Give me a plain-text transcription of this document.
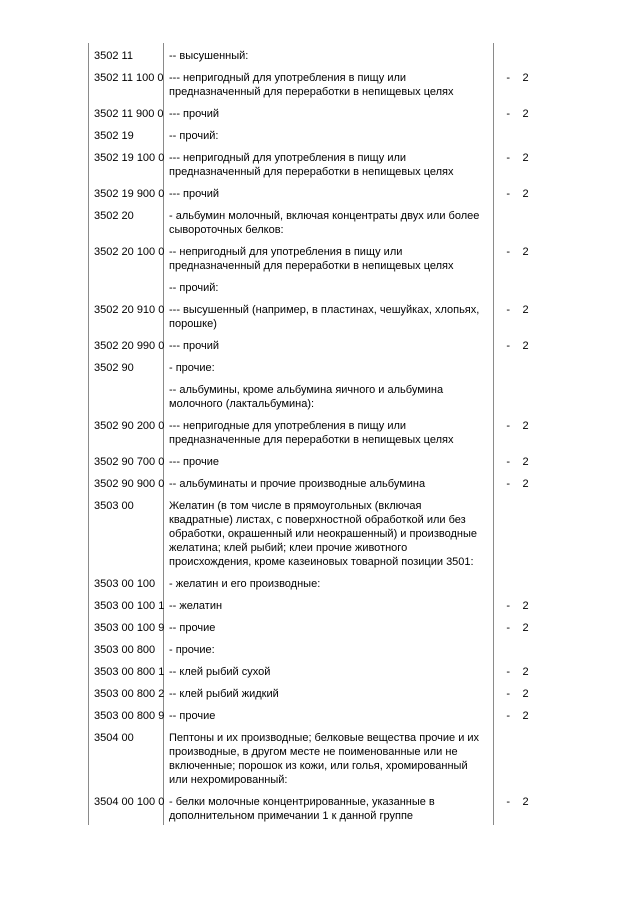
3502 11	-- высушенный:		
3502 11 100 0	--- непригодный для употребления в пищу или предназначенный для переработки в непищевых целях	-	2
3502 11 900 0	--- прочий	-	2
3502 19	-- прочий:		
3502 19 100 0	--- непригодный для употребления в пищу или предназначенный для переработки в непищевых целях	-	2
3502 19 900 0	--- прочий	-	2
3502 20	- альбумин молочный, включая концентраты двух или более сывороточных белков:		
3502 20 100 0	-- непригодный для употребления в пищу или предназначенный для переработки в непищевых целях	-	2
	-- прочий:		
3502 20 910 0	--- высушенный (например, в пластинах, чешуйках, хлопьях, порошке)	-	2
3502 20 990 0	--- прочий	-	2
3502 90	- прочие:		
	-- альбумины, кроме альбумина яичного и альбумина молочного (лактальбумина):		
3502 90 200 0	--- непригодные для употребления в пищу или предназначенные для переработки в непищевых целях	-	2
3502 90 700 0	--- прочие	-	2
3502 90 900 0	-- альбуминаты и прочие производные альбумина	-	2
3503 00	Желатин (в том числе в прямоугольных (включая квадратные) листах, с поверхностной обработкой или без обработки, окрашенный или неокрашенный) и производные желатина; клей рыбий; клеи прочие животного происхождения, кроме казеиновых товарной позиции 3501:		
3503 00 100	- желатин и его производные:		
3503 00 100 1	-- желатин	-	2
3503 00 100 9	-- прочие	-	2
3503 00 800	- прочие:		
3503 00 800 1	-- клей рыбий сухой	-	2
3503 00 800 2	-- клей рыбий жидкий	-	2
3503 00 800 9	-- прочие	-	2
3504 00	Пептоны и их производные; белковые вещества прочие и их производные, в другом месте не поименованные или не включенные; порошок из кожи, или голья, хромированный или нехромированный:		
3504 00 100 0	- белки молочные концентрированные, указанные в дополнительном примечании 1 к данной группе	-	2
